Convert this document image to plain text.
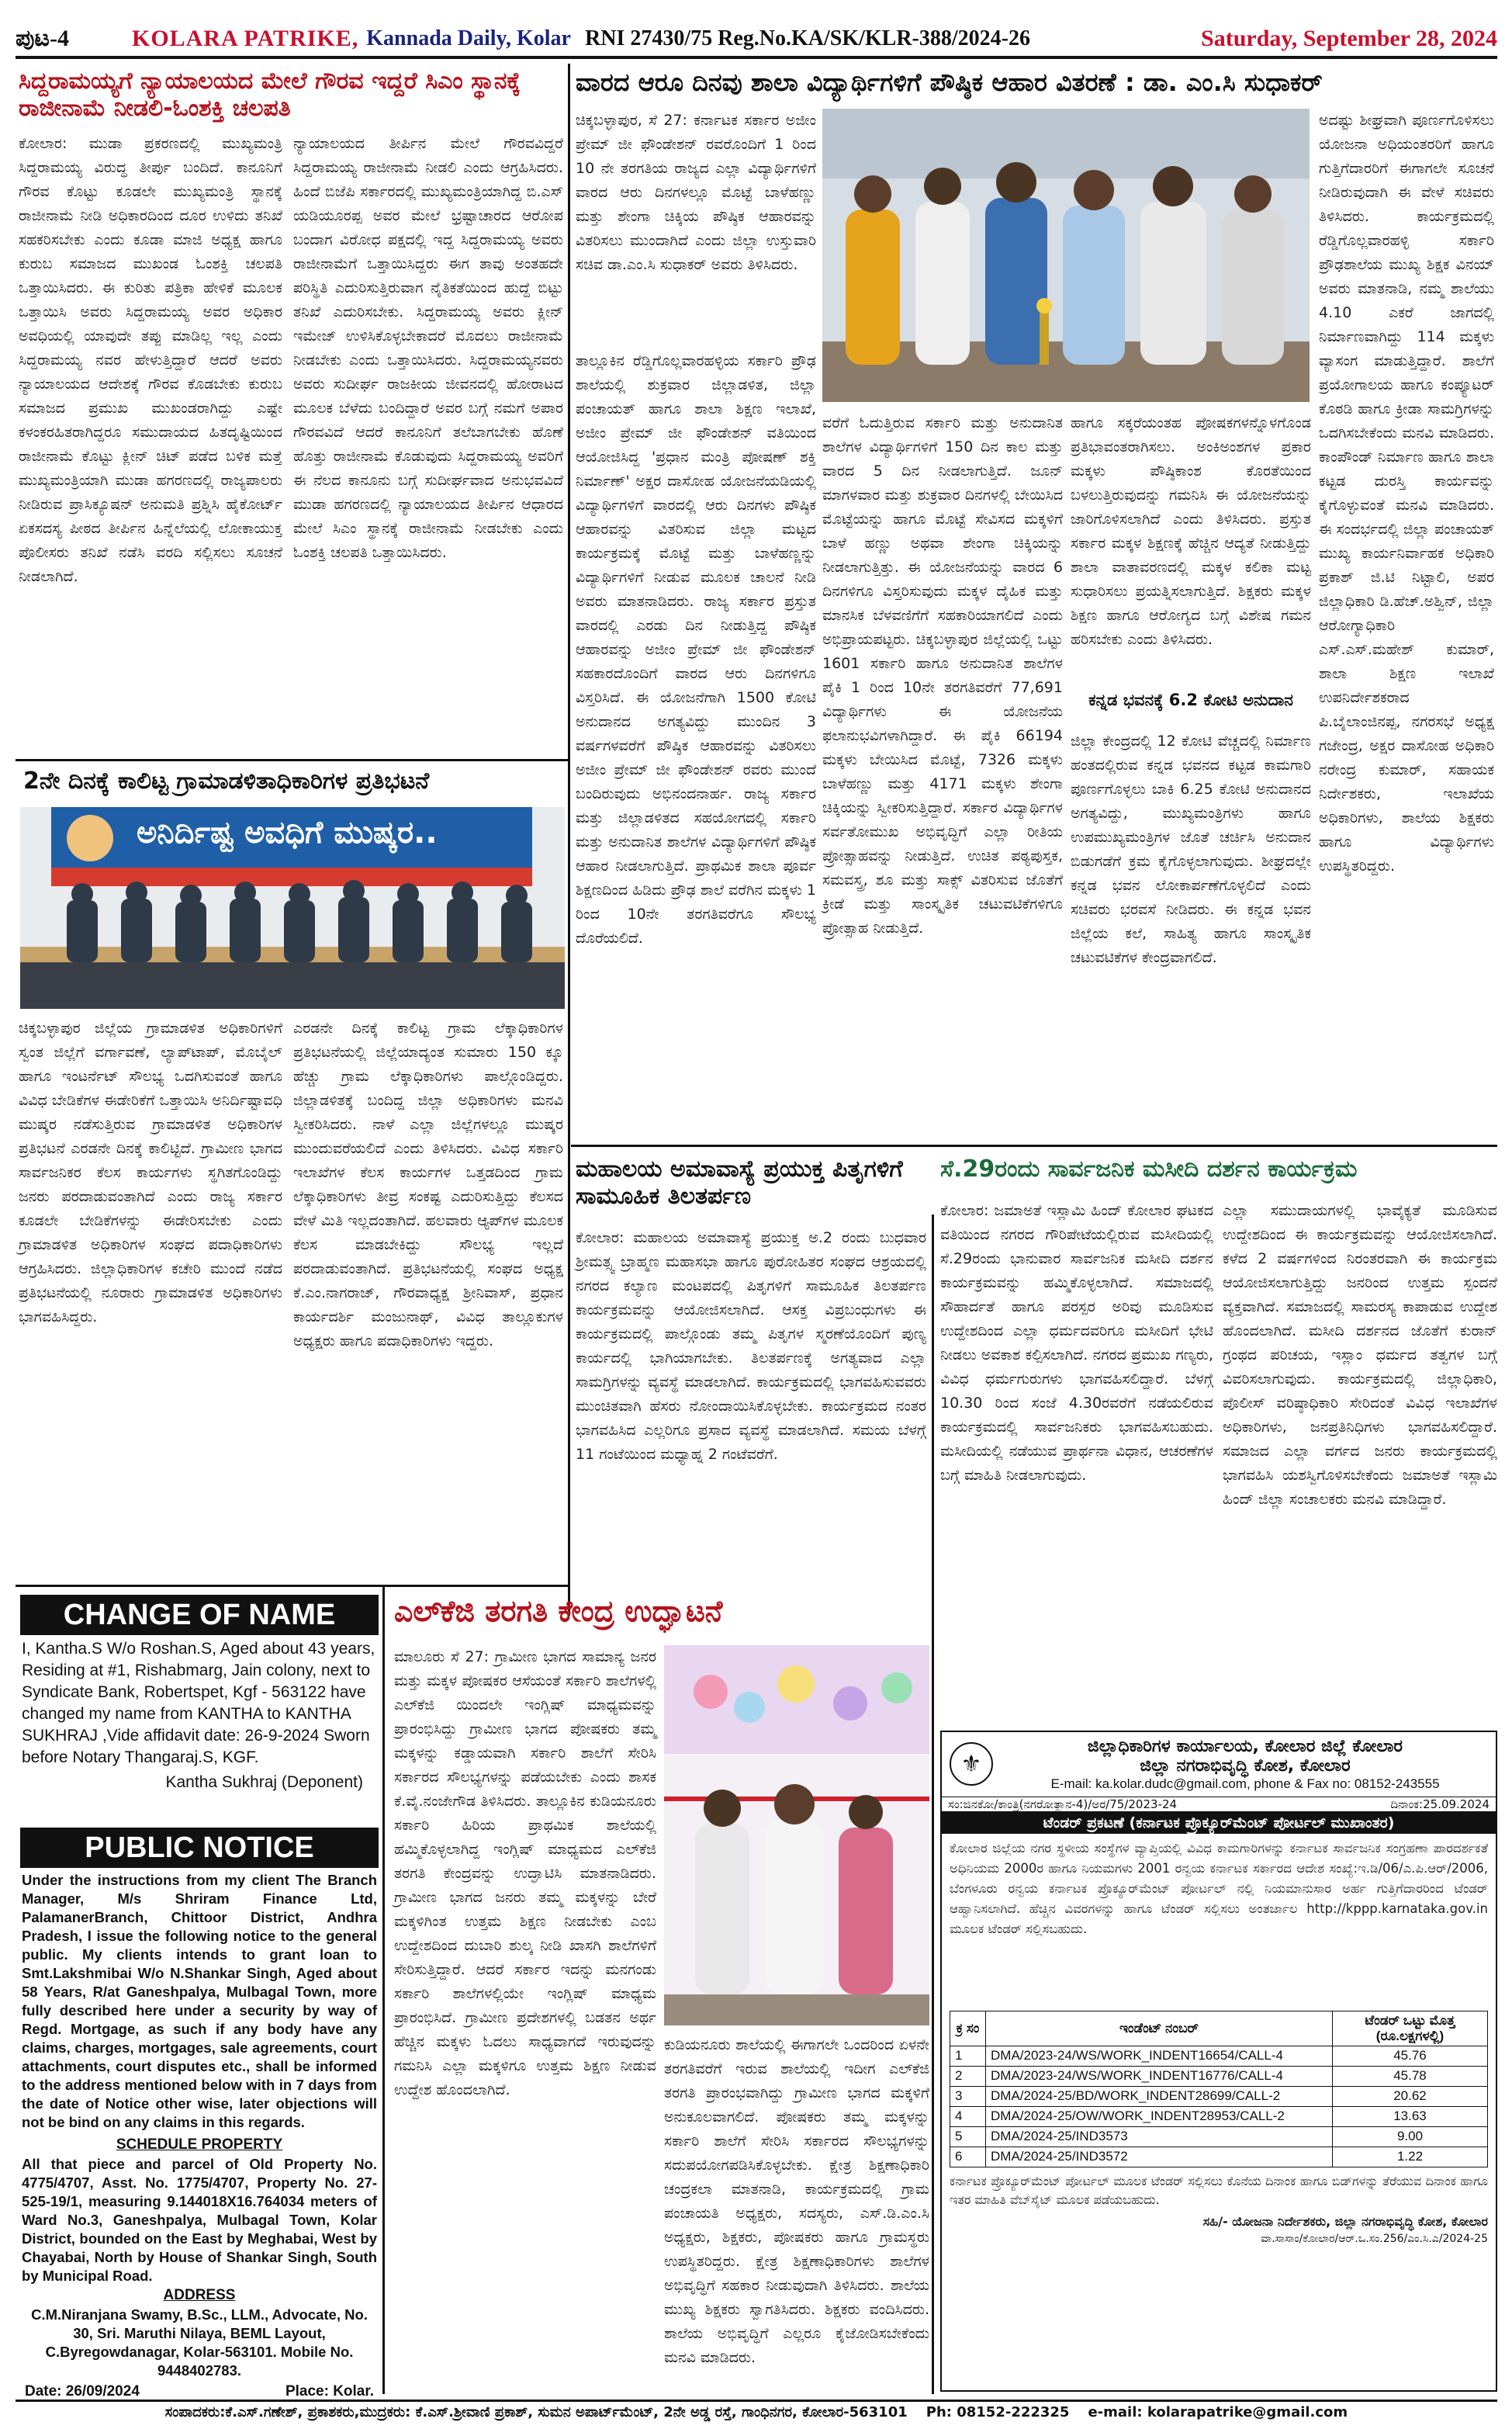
ಪುಟ-4	KOLARA PATRIKE, Kannada Daily, Kolar RNI 27430/75 Reg.No.KA/SK/KLR-388/2024-26	Saturday, September 28, 2024
ಸಿದ್ದರಾಮಯ್ಯಗೆ ನ್ಯಾಯಾಲಯದ ಮೇಲೆ ಗೌರವ ಇದ್ದರೆ ಸಿಎಂ ಸ್ಥಾನಕ್ಕೆ ರಾಜೀನಾಮೆ ನೀಡಲಿ-ಓಂಶಕ್ತಿ ಚಲಪತಿ
ಕೋಲಾರ: ಮುಡಾ ಪ್ರಕರಣದಲ್ಲಿ ಮುಖ್ಯಮಂತ್ರಿ ಸಿದ್ದರಾಮಯ್ಯ ವಿರುದ್ಧ ತೀರ್ಪು ಬಂದಿದೆ. ಕಾನೂನಿಗೆ ಗೌರವ ಕೊಟ್ಟು ಕೂಡಲೇ ಮುಖ್ಯಮಂತ್ರಿ ಸ್ಥಾನಕ್ಕೆ ರಾಜೀನಾಮೆ ನೀಡಿ ಅಧಿಕಾರದಿಂದ ದೂರ ಉಳಿದು ತನಿಖೆ ಸಹಕರಿಸಬೇಕು ಎಂದು ಕೂಡಾ ಮಾಜಿ ಅಧ್ಯಕ್ಷ ಹಾಗೂ ಕುರುಬ ಸಮಾಜದ ಮುಖಂಡ ಓಂಶಕ್ತಿ ಚಲಪತಿ ಒತ್ತಾಯಿಸಿದರು. ಈ ಕುರಿತು ಪತ್ರಿಕಾ ಹೇಳಿಕೆ ಮೂಲಕ ಒತ್ತಾಯಿಸಿ ಅವರು ಸಿದ್ದರಾಮಯ್ಯ ಅವರ ಅಧಿಕಾರ ಅವಧಿಯಲ್ಲಿ ಯಾವುದೇ ತಪ್ಪು ಮಾಡಿಲ್ಲ ಇಲ್ಲ ಎಂದು ಸಿದ್ದರಾಮಯ್ಯ ನವರ ಹೇಳುತ್ತಿದ್ದಾರೆ ಆದರೆ ಅವರು ನ್ಯಾಯಾಲಯದ ಆದೇಶಕ್ಕೆ ಗೌರವ ಕೊಡಬೇಕು ಕುರುಬ ಸಮಾಜದ ಪ್ರಮುಖ ಮುಖಂಡರಾಗಿದ್ದು ಎಷ್ಟೇ ಕಳಂಕರಹಿತರಾಗಿದ್ದರೂ ಸಮುದಾಯದ ಹಿತದೃಷ್ಟಿಯಿಂದ ರಾಜೀನಾಮೆ ಕೊಟ್ಟು ಕ್ಲೀನ್ ಚಿಟ್ ಪಡೆದ ಬಳಿಕ ಮತ್ತೆ ಮುಖ್ಯಮಂತ್ರಿಯಾಗಿ ಮುಡಾ ಹಗರಣದಲ್ಲಿ ರಾಜ್ಯಪಾಲರು ನೀಡಿರುವ ಪ್ರಾಸಿಕ್ಯೂಷನ್ ಅನುಮತಿ ಪ್ರಶ್ನಿಸಿ ಹೈಕೋರ್ಟ್ ಏಕಸದಸ್ಯ ಪೀಠದ ತೀರ್ಪಿನ ಹಿನ್ನೆಲೆಯಲ್ಲಿ ಲೋಕಾಯುಕ್ತ ಪೊಲೀಸರು ತನಿಖೆ ನಡೆಸಿ ವರದಿ ಸಲ್ಲಿಸಲು ಸೂಚನೆ ನೀಡಲಾಗಿದೆ.
ನ್ಯಾಯಾಲಯದ ತೀರ್ಪಿನ ಮೇಲೆ ಗೌರವವಿದ್ದರೆ ಸಿದ್ದರಾಮಯ್ಯ ರಾಜೀನಾಮೆ ನೀಡಲಿ ಎಂದು ಆಗ್ರಹಿಸಿದರು. ಹಿಂದೆ ಬಿಜೆಪಿ ಸರ್ಕಾರದಲ್ಲಿ ಮುಖ್ಯಮಂತ್ರಿಯಾಗಿದ್ದ ಬಿ.ಎಸ್ ಯಡಿಯೂರಪ್ಪ ಅವರ ಮೇಲೆ ಭ್ರಷ್ಟಾಚಾರದ ಆರೋಪ ಬಂದಾಗ ವಿರೋಧ ಪಕ್ಷದಲ್ಲಿ ಇದ್ದ ಸಿದ್ದರಾಮಯ್ಯ ಅವರು ರಾಜೀನಾಮೆಗೆ ಒತ್ತಾಯಿಸಿದ್ದರು ಈಗ ತಾವು ಅಂತಹದೇ ಪರಿಸ್ಥಿತಿ ಎದುರಿಸುತ್ತಿರುವಾಗ ನೈತಿಕತೆಯಿಂದ ಹುದ್ದೆ ಬಿಟ್ಟು ತನಿಖೆ ಎದುರಿಸಬೇಕು. ಸಿದ್ದರಾಮಯ್ಯ ಅವರು ಕ್ಲೀನ್ ಇಮೇಜ್ ಉಳಿಸಿಕೊಳ್ಳಬೇಕಾದರೆ ಮೊದಲು ರಾಜೀನಾಮೆ ನೀಡಬೇಕು ಎಂದು ಒತ್ತಾಯಿಸಿದರು. ಸಿದ್ದರಾಮಯ್ಯನವರು ಅವರು ಸುದೀರ್ಘ ರಾಜಕೀಯ ಜೀವನದಲ್ಲಿ ಹೋರಾಟದ ಮೂಲಕ ಬೆಳೆದು ಬಂದಿದ್ದಾರೆ ಅವರ ಬಗ್ಗೆ ನಮಗೆ ಅಪಾರ ಗೌರವವಿದೆ ಆದರೆ ಕಾನೂನಿಗೆ ತಲೆಬಾಗಬೇಕು ಹೊಣೆ ಹೊತ್ತು ರಾಜೀನಾಮೆ ಕೊಡುವುದು ಸಿದ್ದರಾಮಯ್ಯ ಅವರಿಗೆ ಈ ನೆಲದ ಕಾನೂನು ಬಗ್ಗೆ ಸುದೀರ್ಘವಾದ ಅನುಭವವಿದೆ ಮುಡಾ ಹಗರಣದಲ್ಲಿ ನ್ಯಾಯಾಲಯದ ತೀರ್ಪಿನ ಆಧಾರದ ಮೇಲೆ ಸಿಎಂ ಸ್ಥಾನಕ್ಕೆ ರಾಜೀನಾಮೆ ನೀಡಬೇಕು ಎಂದು ಓಂಶಕ್ತಿ ಚಲಪತಿ ಒತ್ತಾಯಿಸಿದರು.
2ನೇ ದಿನಕ್ಕೆ ಕಾಲಿಟ್ಟ ಗ್ರಾಮಾಡಳಿತಾಧಿಕಾರಿಗಳ ಪ್ರತಿಭಟನೆ
ಅನಿರ್ದಿಷ್ಟ ಅವಧಿಗೆ ಮುಷ್ಕರ..
ಚಿಕ್ಕಬಳ್ಳಾಪುರ ಜಿಲ್ಲೆಯ ಗ್ರಾಮಾಡಳಿತ ಅಧಿಕಾರಿಗಳಿಗೆ ಸ್ವಂತ ಜಿಲ್ಲೆಗೆ ವರ್ಗಾವಣೆ, ಲ್ಯಾಪ್‍ಟಾಪ್, ಮೊಬೈಲ್ ಹಾಗೂ ಇಂಟರ್ನೆಟ್ ಸೌಲಭ್ಯ ಒದಗಿಸುವಂತೆ ಹಾಗೂ ವಿವಿಧ ಬೇಡಿಕೆಗಳ ಈಡೇರಿಕೆಗೆ ಒತ್ತಾಯಿಸಿ ಅನಿರ್ದಿಷ್ಟಾವಧಿ ಮುಷ್ಕರ ನಡೆಸುತ್ತಿರುವ ಗ್ರಾಮಾಡಳಿತ ಅಧಿಕಾರಿಗಳ ಪ್ರತಿಭಟನೆ ಎರಡನೇ ದಿನಕ್ಕೆ ಕಾಲಿಟ್ಟಿದೆ. ಗ್ರಾಮೀಣ ಭಾಗದ ಸಾರ್ವಜನಿಕರ ಕೆಲಸ ಕಾರ್ಯಗಳು ಸ್ಥಗಿತಗೊಂಡಿದ್ದು ಜನರು ಪರದಾಡುವಂತಾಗಿದೆ ಎಂದು ರಾಜ್ಯ ಸರ್ಕಾರ ಕೂಡಲೇ ಬೇಡಿಕೆಗಳನ್ನು ಈಡೇರಿಸಬೇಕು ಎಂದು ಗ್ರಾಮಾಡಳಿತ ಅಧಿಕಾರಿಗಳ ಸಂಘದ ಪದಾಧಿಕಾರಿಗಳು ಆಗ್ರಹಿಸಿದರು. ಜಿಲ್ಲಾಧಿಕಾರಿಗಳ ಕಚೇರಿ ಮುಂದೆ ನಡೆದ ಪ್ರತಿಭಟನೆಯಲ್ಲಿ ನೂರಾರು ಗ್ರಾಮಾಡಳಿತ ಅಧಿಕಾರಿಗಳು ಭಾಗವಹಿಸಿದ್ದರು.
ಎರಡನೇ ದಿನಕ್ಕೆ ಕಾಲಿಟ್ಟ ಗ್ರಾಮ ಲೆಕ್ಕಾಧಿಕಾರಿಗಳ ಪ್ರತಿಭಟನೆಯಲ್ಲಿ ಜಿಲ್ಲೆಯಾದ್ಯಂತ ಸುಮಾರು 150 ಕ್ಕೂ ಹೆಚ್ಚು ಗ್ರಾಮ ಲೆಕ್ಕಾಧಿಕಾರಿಗಳು ಪಾಲ್ಗೊಂಡಿದ್ದರು. ಜಿಲ್ಲಾಡಳಿತಕ್ಕೆ ಬಂದಿದ್ದ ಜಿಲ್ಲಾ ಅಧಿಕಾರಿಗಳು ಮನವಿ ಸ್ವೀಕರಿಸಿದರು. ನಾಳೆ ಎಲ್ಲಾ ಜಿಲ್ಲೆಗಳಲ್ಲೂ ಮುಷ್ಕರ ಮುಂದುವರೆಯಲಿದೆ ಎಂದು ತಿಳಿಸಿದರು. ವಿವಿಧ ಸರ್ಕಾರಿ ಇಲಾಖೆಗಳ ಕೆಲಸ ಕಾರ್ಯಗಳ ಒತ್ತಡದಿಂದ ಗ್ರಾಮ ಲೆಕ್ಕಾಧಿಕಾರಿಗಳು ತೀವ್ರ ಸಂಕಷ್ಟ ಎದುರಿಸುತ್ತಿದ್ದು ಕೆಲಸದ ವೇಳೆ ಮಿತಿ ಇಲ್ಲದಂತಾಗಿದೆ. ಹಲವಾರು ಆ್ಯಪ್‍ಗಳ ಮೂಲಕ ಕೆಲಸ ಮಾಡಬೇಕಿದ್ದು ಸೌಲಭ್ಯ ಇಲ್ಲದೆ ಪರದಾಡುವಂತಾಗಿದೆ. ಪ್ರತಿಭಟನೆಯಲ್ಲಿ ಸಂಘದ ಅಧ್ಯಕ್ಷ ಕೆ.ಎಂ.ನಾಗರಾಜ್, ಗೌರವಾಧ್ಯಕ್ಷ ಶ್ರೀನಿವಾಸ್, ಪ್ರಧಾನ ಕಾರ್ಯದರ್ಶಿ ಮಂಜುನಾಥ್, ವಿವಿಧ ತಾಲ್ಲೂಕುಗಳ ಅಧ್ಯಕ್ಷರು ಹಾಗೂ ಪದಾಧಿಕಾರಿಗಳು ಇದ್ದರು.
ವಾರದ ಆರೂ ದಿನವು ಶಾಲಾ ವಿದ್ಯಾರ್ಥಿಗಳಿಗೆ ಪೌಷ್ಠಿಕ ಆಹಾರ ವಿತರಣೆ : ಡಾ. ಎಂ.ಸಿ ಸುಧಾಕರ್
ಚಿಕ್ಕಬಳ್ಳಾಪುರ, ಸೆ 27: ಕರ್ನಾಟಕ ಸರ್ಕಾರ ಅಜೀಂ ಪ್ರೇಮ್ ಜೀ ಫೌಂಡೇಶನ್ ರವರೊಂದಿಗೆ 1 ರಿಂದ 10 ನೇ ತರಗತಿಯ ರಾಜ್ಯದ ಎಲ್ಲಾ ವಿದ್ಯಾರ್ಥಿಗಳಿಗೆ ವಾರದ ಆರು ದಿನಗಳಲ್ಲೂ ಮೊಟ್ಟೆ ಬಾಳೆಹಣ್ಣು ಮತ್ತು ಶೇಂಗಾ ಚಿಕ್ಕಿಯ ಪೌಷ್ಠಿಕ ಆಹಾರವನ್ನು ವಿತರಿಸಲು ಮುಂದಾಗಿದೆ ಎಂದು ಜಿಲ್ಲಾ ಉಸ್ತುವಾರಿ ಸಚಿವ ಡಾ.ಎಂ.ಸಿ ಸುಧಾಕರ್ ಅವರು ತಿಳಿಸಿದರು.
ಅದಷ್ಟು ಶೀಘ್ರವಾಗಿ ಪೂರ್ಣಗೊಳಿಸಲು ಯೋಜನಾ ಅಧಿಯಂತರರಿಗೆ ಹಾಗೂ ಗುತ್ತಿಗೆದಾರರಿಗೆ ಈಗಾಗಲೇ ಸೂಚನೆ ನೀಡಿರುವುದಾಗಿ ಈ ವೇಳೆ ಸಚಿವರು ತಿಳಿಸಿದರು. ಕಾರ್ಯಕ್ರಮದಲ್ಲಿ ರೆಡ್ಡಿಗೊಲ್ಲವಾರಹಳ್ಳಿ ಸರ್ಕಾರಿ ಪ್ರೌಢಶಾಲೆಯ ಮುಖ್ಯ ಶಿಕ್ಷಕ ವಿನಯ್ ಅವರು ಮಾತನಾಡಿ, ನಮ್ಮ ಶಾಲೆಯು 4.10 ಎಕರೆ ಜಾಗದಲ್ಲಿ ನಿರ್ಮಾಣವಾಗಿದ್ದು 114 ಮಕ್ಕಳು ವ್ಯಾಸಂಗ ಮಾಡುತ್ತಿದ್ದಾರೆ. ಶಾಲೆಗೆ ಪ್ರಯೋಗಾಲಯ ಹಾಗೂ ಕಂಪ್ಯೂಟರ್ ಕೊಠಡಿ ಹಾಗೂ ಕ್ರೀಡಾ ಸಾಮಗ್ರಿಗಳನ್ನು ಒದಗಿಸಬೇಕೆಂದು ಮನವಿ ಮಾಡಿದರು. ಕಾಂಪೌಂಡ್ ನಿರ್ಮಾಣ ಹಾಗೂ ಶಾಲಾ ಕಟ್ಟಡ ದುರಸ್ತಿ ಕಾರ್ಯವನ್ನು ಕೈಗೊಳ್ಳುವಂತೆ ಮನವಿ ಮಾಡಿದರು. ಈ ಸಂದರ್ಭದಲ್ಲಿ ಜಿಲ್ಲಾ ಪಂಚಾಯತ್ ಮುಖ್ಯ ಕಾರ್ಯನಿರ್ವಾಹಕ ಅಧಿಕಾರಿ ಪ್ರಕಾಶ್ ಜಿ.ಟಿ ನಿಟ್ಟಾಲಿ, ಅಪರ ಜಿಲ್ಲಾಧಿಕಾರಿ ಡಿ.ಹೆಚ್.ಅಶ್ವಿನ್, ಜಿಲ್ಲಾ ಆರೋಗ್ಯಾಧಿಕಾರಿ ಎಸ್.ಎಸ್.ಮಹೇಶ್ ಕುಮಾರ್, ಶಾಲಾ ಶಿಕ್ಷಣ ಇಲಾಖೆ ಉಪನಿರ್ದೇಶಕರಾದ ಪಿ.ಬೈಲಾಂಜಿನಪ್ಪ, ನಗರಸಭೆ ಅಧ್ಯಕ್ಷ ಗಜೇಂದ್ರ, ಅಕ್ಷರ ದಾಸೋಹ ಅಧಿಕಾರಿ ನರೇಂದ್ರ ಕುಮಾರ್, ಸಹಾಯಕ ನಿರ್ದೇಶಕರು, ಇಲಾಖೆಯ ಅಧಿಕಾರಿಗಳು, ಶಾಲೆಯ ಶಿಕ್ಷಕರು ಹಾಗೂ ವಿದ್ಯಾರ್ಥಿಗಳು ಉಪಸ್ಥಿತರಿದ್ದರು.
ತಾಲ್ಲೂಕಿನ ರೆಡ್ಡಿಗೊಲ್ಲವಾರಹಳ್ಳಿಯ ಸರ್ಕಾರಿ ಪ್ರೌಢ ಶಾಲೆಯಲ್ಲಿ ಶುಕ್ರವಾರ ಜಿಲ್ಲಾಡಳಿತ, ಜಿಲ್ಲಾ ಪಂಚಾಯತ್ ಹಾಗೂ ಶಾಲಾ ಶಿಕ್ಷಣ ಇಲಾಖೆ, ಅಜೀಂ ಪ್ರೇಮ್ ಜೀ ಫೌಂಡೇಶನ್ ವತಿಯಿಂದ ಆಯೋಜಿಸಿದ್ದ 'ಪ್ರಧಾನ ಮಂತ್ರಿ ಪೋಷಣ್ ಶಕ್ತಿ ನಿರ್ಮಾಣ್' ಅಕ್ಷರ ದಾಸೋಹ ಯೋಜನೆಯಡಿಯಲ್ಲಿ ವಿದ್ಯಾರ್ಥಿಗಳಿಗೆ ವಾರದಲ್ಲಿ ಆರು ದಿನಗಳು ಪೌಷ್ಠಿಕ ಆಹಾರವನ್ನು ವಿತರಿಸುವ ಜಿಲ್ಲಾ ಮಟ್ಟದ ಕಾರ್ಯಕ್ರಮಕ್ಕೆ ಮೊಟ್ಟೆ ಮತ್ತು ಬಾಳೆಹಣ್ಣನ್ನು ವಿದ್ಯಾರ್ಥಿಗಳಿಗೆ ನೀಡುವ ಮೂಲಕ ಚಾಲನೆ ನೀಡಿ ಅವರು ಮಾತನಾಡಿದರು. ರಾಜ್ಯ ಸರ್ಕಾರ ಪ್ರಸ್ತುತ ವಾರದಲ್ಲಿ ಎರಡು ದಿನ ನೀಡುತ್ತಿದ್ದ ಪೌಷ್ಠಿಕ ಆಹಾರವನ್ನು ಅಜೀಂ ಪ್ರೇಮ್ ಜೀ ಫೌಂಡೇಶನ್ ಸಹಕಾರದೊಂದಿಗೆ ವಾರದ ಆರು ದಿನಗಳಿಗೂ ವಿಸ್ತರಿಸಿದೆ. ಈ ಯೋಜನೆಗಾಗಿ 1500 ಕೋಟಿ ಅನುದಾನದ ಅಗತ್ಯವಿದ್ದು ಮುಂದಿನ 3 ವರ್ಷಗಳವರೆಗೆ ಪೌಷ್ಠಿಕ ಆಹಾರವನ್ನು ವಿತರಿಸಲು ಅಜೀಂ ಪ್ರೇಮ್ ಜೀ ಫೌಂಡೇಶನ್ ರವರು ಮುಂದೆ ಬಂದಿರುವುದು ಅಭಿನಂದನಾರ್ಹ. ರಾಜ್ಯ ಸರ್ಕಾರ ಮತ್ತು ಜಿಲ್ಲಾಡಳಿತದ ಸಹಯೋಗದಲ್ಲಿ ಸರ್ಕಾರಿ ಮತ್ತು ಅನುದಾನಿತ ಶಾಲೆಗಳ ವಿದ್ಯಾರ್ಥಿಗಳಿಗೆ ಪೌಷ್ಠಿಕ ಆಹಾರ ನೀಡಲಾಗುತ್ತಿದೆ. ಪ್ರಾಥಮಿಕ ಶಾಲಾ ಪೂರ್ವ ಶಿಕ್ಷಣದಿಂದ ಹಿಡಿದು ಪ್ರೌಢ ಶಾಲೆ ವರೆಗಿನ ಮಕ್ಕಳು 1 ರಿಂದ 10ನೇ ತರಗತಿವರೆಗೂ ಸೌಲಭ್ಯ ದೊರೆಯಲಿದೆ.
ವರೆಗೆ ಓದುತ್ತಿರುವ ಸರ್ಕಾರಿ ಮತ್ತು ಅನುದಾನಿತ ಶಾಲೆಗಳ ವಿದ್ಯಾರ್ಥಿಗಳಿಗೆ 150 ದಿನ ಕಾಲ ಮತ್ತು ವಾರದ 5 ದಿನ ನೀಡಲಾಗುತ್ತಿದೆ. ಜೂನ್ ಮಾಗಳವಾರ ಮತ್ತು ಶುಕ್ರವಾರ ದಿನಗಳಲ್ಲಿ ಬೇಯಿಸಿದ ಮೊಟ್ಟೆಯನ್ನು ಹಾಗೂ ಮೊಟ್ಟೆ ಸೇವಿಸದ ಮಕ್ಕಳಿಗೆ ಬಾಳೆ ಹಣ್ಣು ಅಥವಾ ಶೇಂಗಾ ಚಿಕ್ಕಿಯನ್ನು ನೀಡಲಾಗುತ್ತಿತ್ತು. ಈ ಯೋಜನೆಯನ್ನು ವಾರದ 6 ದಿನಗಳಿಗೂ ವಿಸ್ತರಿಸುವುದು ಮಕ್ಕಳ ದೈಹಿಕ ಮತ್ತು ಮಾನಸಿಕ ಬೆಳವಣಿಗೆಗೆ ಸಹಕಾರಿಯಾಗಲಿದೆ ಎಂದು ಅಭಿಪ್ರಾಯಪಟ್ಟರು. ಚಿಕ್ಕಬಳ್ಳಾಪುರ ಜಿಲ್ಲೆಯಲ್ಲಿ ಒಟ್ಟು 1601 ಸರ್ಕಾರಿ ಹಾಗೂ ಅನುದಾನಿತ ಶಾಲೆಗಳ ಪೈಕಿ 1 ರಿಂದ 10ನೇ ತರಗತಿವರೆಗೆ 77,691 ವಿದ್ಯಾರ್ಥಿಗಳು ಈ ಯೋಜನೆಯ ಫಲಾನುಭವಿಗಳಾಗಿದ್ದಾರೆ. ಈ ಪೈಕಿ 66194 ಮಕ್ಕಳು ಬೇಯಿಸಿದ ಮೊಟ್ಟೆ, 7326 ಮಕ್ಕಳು ಬಾಳೆಹಣ್ಣು ಮತ್ತು 4171 ಮಕ್ಕಳು ಶೇಂಗಾ ಚಿಕ್ಕಿಯನ್ನು ಸ್ವೀಕರಿಸುತ್ತಿದ್ದಾರೆ. ಸರ್ಕಾರ ವಿದ್ಯಾರ್ಥಿಗಳ ಸರ್ವತೋಮುಖ ಅಭಿವೃದ್ಧಿಗೆ ಎಲ್ಲಾ ರೀತಿಯ ಪ್ರೋತ್ಸಾಹವನ್ನು ನೀಡುತ್ತಿದೆ. ಉಚಿತ ಪಠ್ಯಪುಸ್ತಕ, ಸಮವಸ್ತ್ರ, ಶೂ ಮತ್ತು ಸಾಕ್ಸ್ ವಿತರಿಸುವ ಜೊತೆಗೆ ಕ್ರೀಡೆ ಮತ್ತು ಸಾಂಸ್ಕೃತಿಕ ಚಟುವಟಿಕೆಗಳಿಗೂ ಪ್ರೋತ್ಸಾಹ ನೀಡುತ್ತಿದೆ.
ಹಾಗೂ ಸಕ್ಕರೆಯಂತಹ ಪೋಷಕಗಳನ್ನೊಳಗೊಂಡ ಪ್ರತಿಭಾವಂತರಾಗಿಸಲು. ಅಂಕಿಅಂಶಗಳ ಪ್ರಕಾರ ಮಕ್ಕಳು ಪೌಷ್ಠಿಕಾಂಶ ಕೊರತೆಯಿಂದ ಬಳಲುತ್ತಿರುವುದನ್ನು ಗಮನಿಸಿ ಈ ಯೋಜನೆಯನ್ನು ಜಾರಿಗೊಳಿಸಲಾಗಿದೆ ಎಂದು ತಿಳಿಸಿದರು. ಪ್ರಸ್ತುತ ಸರ್ಕಾರ ಮಕ್ಕಳ ಶಿಕ್ಷಣಕ್ಕೆ ಹೆಚ್ಚಿನ ಆದ್ಯತೆ ನೀಡುತ್ತಿದ್ದು ಶಾಲಾ ವಾತಾವರಣದಲ್ಲಿ ಮಕ್ಕಳ ಕಲಿಕಾ ಮಟ್ಟ ಸುಧಾರಿಸಲು ಪ್ರಯತ್ನಿಸಲಾಗುತ್ತಿದೆ. ಶಿಕ್ಷಕರು ಮಕ್ಕಳ ಶಿಕ್ಷಣ ಹಾಗೂ ಆರೋಗ್ಯದ ಬಗ್ಗೆ ವಿಶೇಷ ಗಮನ ಹರಿಸಬೇಕು ಎಂದು ತಿಳಿಸಿದರು.
ಕನ್ನಡ ಭವನಕ್ಕೆ 6.2 ಕೋಟಿ ಅನುದಾನ
ಜಿಲ್ಲಾ ಕೇಂದ್ರದಲ್ಲಿ 12 ಕೋಟಿ ವೆಚ್ಚದಲ್ಲಿ ನಿರ್ಮಾಣ ಹಂತದಲ್ಲಿರುವ ಕನ್ನಡ ಭವನದ ಕಟ್ಟಡ ಕಾಮಗಾರಿ ಪೂರ್ಣಗೊಳ್ಳಲು ಬಾಕಿ 6.25 ಕೋಟಿ ಅನುದಾನದ ಅಗತ್ಯವಿದ್ದು, ಮುಖ್ಯಮಂತ್ರಿಗಳು ಹಾಗೂ ಉಪಮುಖ್ಯಮಂತ್ರಿಗಳ ಜೊತೆ ಚರ್ಚಿಸಿ ಅನುದಾನ ಬಿಡುಗಡೆಗೆ ಕ್ರಮ ಕೈಗೊಳ್ಳಲಾಗುವುದು. ಶೀಘ್ರದಲ್ಲೇ ಕನ್ನಡ ಭವನ ಲೋಕಾರ್ಪಣೆಗೊಳ್ಳಲಿದೆ ಎಂದು ಸಚಿವರು ಭರವಸೆ ನೀಡಿದರು. ಈ ಕನ್ನಡ ಭವನ ಜಿಲ್ಲೆಯ ಕಲೆ, ಸಾಹಿತ್ಯ ಹಾಗೂ ಸಾಂಸ್ಕೃತಿಕ ಚಟುವಟಿಕೆಗಳ ಕೇಂದ್ರವಾಗಲಿದೆ.
ಮಹಾಲಯ ಅಮಾವಾಸ್ಯೆ ಪ್ರಯುಕ್ತ ಪಿತೃಗಳಿಗೆ ಸಾಮೂಹಿಕ ತಿಲತರ್ಪಣ
ಕೋಲಾರ: ಮಹಾಲಯ ಅಮಾವಾಸ್ಯೆ ಪ್ರಯುಕ್ತ ಅ.2 ರಂದು ಬುಧವಾರ ಶ್ರೀಮತ್ಸ್ವ ಬ್ರಾಹ್ಮಣ ಮಹಾಸಭಾ ಹಾಗೂ ಪುರೋಹಿತರ ಸಂಘದ ಆಶ್ರಯದಲ್ಲಿ ನಗರದ ಕಲ್ಯಾಣ ಮಂಟಪದಲ್ಲಿ ಪಿತೃಗಳಿಗೆ ಸಾಮೂಹಿಕ ತಿಲತರ್ಪಣ ಕಾರ್ಯಕ್ರಮವನ್ನು ಆಯೋಜಿಸಲಾಗಿದೆ. ಆಸಕ್ತ ವಿಪ್ರಬಂಧುಗಳು ಈ ಕಾರ್ಯಕ್ರಮದಲ್ಲಿ ಪಾಲ್ಗೊಂಡು ತಮ್ಮ ಪಿತೃಗಳ ಸ್ಮರಣೆಯೊಂದಿಗೆ ಪುಣ್ಯ ಕಾರ್ಯದಲ್ಲಿ ಭಾಗಿಯಾಗಬೇಕು. ತಿಲತರ್ಪಣಕ್ಕೆ ಅಗತ್ಯವಾದ ಎಲ್ಲಾ ಸಾಮಗ್ರಿಗಳನ್ನು ವ್ಯವಸ್ಥೆ ಮಾಡಲಾಗಿದೆ. ಕಾರ್ಯಕ್ರಮದಲ್ಲಿ ಭಾಗವಹಿಸುವವರು ಮುಂಚಿತವಾಗಿ ಹೆಸರು ನೋಂದಾಯಿಸಿಕೊಳ್ಳಬೇಕು. ಕಾರ್ಯಕ್ರಮದ ನಂತರ ಭಾಗವಹಿಸಿದ ಎಲ್ಲರಿಗೂ ಪ್ರಸಾದ ವ್ಯವಸ್ಥೆ ಮಾಡಲಾಗಿದೆ. ಸಮಯ ಬೆಳಗ್ಗೆ 11 ಗಂಟೆಯಿಂದ ಮಧ್ಯಾಹ್ನ 2 ಗಂಟೆವರೆಗೆ.
ಸೆ.29ರಂದು ಸಾರ್ವಜನಿಕ ಮಸೀದಿ ದರ್ಶನ ಕಾರ್ಯಕ್ರಮ
ಕೋಲಾರ: ಜಮಾಅತೆ ಇಸ್ಲಾಮಿ ಹಿಂದ್ ಕೋಲಾರ ಘಟಕದ ವತಿಯಿಂದ ನಗರದ ಗೌರಿಪೇಟೆಯಲ್ಲಿರುವ ಮಸೀದಿಯಲ್ಲಿ ಸೆ.29ರಂದು ಭಾನುವಾರ ಸಾರ್ವಜನಿಕ ಮಸೀದಿ ದರ್ಶನ ಕಾರ್ಯಕ್ರಮವನ್ನು ಹಮ್ಮಿಕೊಳ್ಳಲಾಗಿದೆ. ಸಮಾಜದಲ್ಲಿ ಸೌಹಾರ್ದತೆ ಹಾಗೂ ಪರಸ್ಪರ ಅರಿವು ಮೂಡಿಸುವ ಉದ್ದೇಶದಿಂದ ಎಲ್ಲಾ ಧರ್ಮದವರಿಗೂ ಮಸೀದಿಗೆ ಭೇಟಿ ನೀಡಲು ಅವಕಾಶ ಕಲ್ಪಿಸಲಾಗಿದೆ. ನಗರದ ಪ್ರಮುಖ ಗಣ್ಯರು, ವಿವಿಧ ಧರ್ಮಗುರುಗಳು ಭಾಗವಹಿಸಲಿದ್ದಾರೆ. ಬೆಳಗ್ಗೆ 10.30 ರಿಂದ ಸಂಜೆ 4.30ರವರೆಗೆ ನಡೆಯಲಿರುವ ಕಾರ್ಯಕ್ರಮದಲ್ಲಿ ಸಾರ್ವಜನಿಕರು ಭಾಗವಹಿಸಬಹುದು. ಮಸೀದಿಯಲ್ಲಿ ನಡೆಯುವ ಪ್ರಾರ್ಥನಾ ವಿಧಾನ, ಆಚರಣೆಗಳ ಬಗ್ಗೆ ಮಾಹಿತಿ ನೀಡಲಾಗುವುದು.
ಎಲ್ಲಾ ಸಮುದಾಯಗಳಲ್ಲಿ ಭಾವೈಕ್ಯತೆ ಮೂಡಿಸುವ ಉದ್ದೇಶದಿಂದ ಈ ಕಾರ್ಯಕ್ರಮವನ್ನು ಆಯೋಜಿಸಲಾಗಿದೆ. ಕಳೆದ 2 ವರ್ಷಗಳಿಂದ ನಿರಂತರವಾಗಿ ಈ ಕಾರ್ಯಕ್ರಮ ಆಯೋಜಿಸಲಾಗುತ್ತಿದ್ದು ಜನರಿಂದ ಉತ್ತಮ ಸ್ಪಂದನೆ ವ್ಯಕ್ತವಾಗಿದೆ. ಸಮಾಜದಲ್ಲಿ ಸಾಮರಸ್ಯ ಕಾಪಾಡುವ ಉದ್ದೇಶ ಹೊಂದಲಾಗಿದೆ. ಮಸೀದಿ ದರ್ಶನದ ಜೊತೆಗೆ ಕುರಾನ್ ಗ್ರಂಥದ ಪರಿಚಯ, ಇಸ್ಲಾಂ ಧರ್ಮದ ತತ್ವಗಳ ಬಗ್ಗೆ ವಿವರಿಸಲಾಗುವುದು. ಕಾರ್ಯಕ್ರಮದಲ್ಲಿ ಜಿಲ್ಲಾಧಿಕಾರಿ, ಪೊಲೀಸ್ ವರಿಷ್ಠಾಧಿಕಾರಿ ಸೇರಿದಂತೆ ವಿವಿಧ ಇಲಾಖೆಗಳ ಅಧಿಕಾರಿಗಳು, ಜನಪ್ರತಿನಿಧಿಗಳು ಭಾಗವಹಿಸಲಿದ್ದಾರೆ. ಸಮಾಜದ ಎಲ್ಲಾ ವರ್ಗದ ಜನರು ಕಾರ್ಯಕ್ರಮದಲ್ಲಿ ಭಾಗವಹಿಸಿ ಯಶಸ್ವಿಗೊಳಿಸಬೇಕೆಂದು ಜಮಾಅತೆ ಇಸ್ಲಾಮಿ ಹಿಂದ್ ಜಿಲ್ಲಾ ಸಂಚಾಲಕರು ಮನವಿ ಮಾಡಿದ್ದಾರೆ.
CHANGE OF NAME
I, Kantha.S W/o Roshan.S, Aged about 43 years, Residing at #1, Rishabmarg, Jain colony, next to Syndicate Bank, Robertspet, Kgf - 563122 have changed my name from KANTHA to KANTHA SUKHRAJ ,Vide affidavit date: 26-9-2024 Sworn before Notary Thangaraj.S, KGF.
Kantha Sukhraj (Deponent)
PUBLIC NOTICE
Under the instructions from my client The Branch Manager, M/s Shriram Finance Ltd, PalamanerBranch, Chittoor District, Andhra Pradesh, I issue the following notice to the general public. My clients intends to grant loan to Smt.Lakshmibai W/o N.Shankar Singh, Aged about 58 Years, R/at Ganeshpalya, Mulbagal Town, more fully described here under a security by way of Regd. Mortgage, as such if any body have any claims, charges, mortgages, sale agreements, court attachments, court disputes etc., shall be informed to the address mentioned below with in 7 days from the date of Notice other wise, later objections will not be bind on any claims in this regards.
SCHEDULE PROPERTY
All that piece and parcel of Old Property No. 4775/4707, Asst. No. 1775/4707, Property No. 27-525-19/1, measuring 9.144018X16.764034 meters of Ward No.3, Ganeshpalya, Mulbagal Town, Kolar District, bounded on the East by Meghabai, West by Chayabai, North by House of Shankar Singh, South by Municipal Road.
ADDRESS
C.M.Niranjana Swamy, B.Sc., LLM., Advocate, No. 30, Sri. Maruthi Nilaya, BEML Layout, C.Byregowdanagar, Kolar-563101. Mobile No. 9448402783.
Date: 26/09/2024	Place: Kolar.
ಎಲ್‍ಕೆಜಿ ತರಗತಿ ಕೇಂದ್ರ ಉದ್ಘಾಟನೆ
ಮಾಲೂರು ಸೆ 27: ಗ್ರಾಮೀಣ ಭಾಗದ ಸಾಮಾನ್ಯ ಜನರ ಮತ್ತು ಮಕ್ಕಳ ಪೋಷಕರ ಆಸೆಯಂತೆ ಸರ್ಕಾರಿ ಶಾಲೆಗಳಲ್ಲಿ ಎಲ್‍ಕೆಜಿ ಯಿಂದಲೇ ಇಂಗ್ಲಿಷ್ ಮಾಧ್ಯಮವನ್ನು ಪ್ರಾರಂಭಿಸಿದ್ದು ಗ್ರಾಮೀಣ ಭಾಗದ ಪೋಷಕರು ತಮ್ಮ ಮಕ್ಕಳನ್ನು ಕಡ್ಡಾಯವಾಗಿ ಸರ್ಕಾರಿ ಶಾಲೆಗೆ ಸೇರಿಸಿ ಸರ್ಕಾರದ ಸೌಲಭ್ಯಗಳನ್ನು ಪಡೆಯಬೇಕು ಎಂದು ಶಾಸಕ ಕೆ.ವೈ.ನಂಜೇಗೌಡ ತಿಳಿಸಿದರು. ತಾಲ್ಲೂಕಿನ ಕುಡಿಯನೂರು ಸರ್ಕಾರಿ ಹಿರಿಯ ಪ್ರಾಥಮಿಕ ಶಾಲೆಯಲ್ಲಿ ಹಮ್ಮಿಕೊಳ್ಳಲಾಗಿದ್ದ ಇಂಗ್ಲಿಷ್ ಮಾಧ್ಯಮದ ಎಲ್‍ಕೆಜಿ ತರಗತಿ ಕೇಂದ್ರವನ್ನು ಉದ್ಘಾಟಿಸಿ ಮಾತನಾಡಿದರು. ಗ್ರಾಮೀಣ ಭಾಗದ ಜನರು ತಮ್ಮ ಮಕ್ಕಳನ್ನು ಬೇರೆ ಮಕ್ಕಳಿಗಿಂತ ಉತ್ತಮ ಶಿಕ್ಷಣ ನೀಡಬೇಕು ಎಂಬ ಉದ್ದೇಶದಿಂದ ದುಬಾರಿ ಶುಲ್ಕ ನೀಡಿ ಖಾಸಗಿ ಶಾಲೆಗಳಿಗೆ ಸೇರಿಸುತ್ತಿದ್ದಾರೆ. ಆದರೆ ಸರ್ಕಾರ ಇದನ್ನು ಮನಗಂಡು ಸರ್ಕಾರಿ ಶಾಲೆಗಳಲ್ಲಿಯೇ ಇಂಗ್ಲಿಷ್ ಮಾಧ್ಯಮ ಪ್ರಾರಂಭಿಸಿದೆ. ಗ್ರಾಮೀಣ ಪ್ರದೇಶಗಳಲ್ಲಿ ಬಡತನ ಅರ್ಥ ಹೆಚ್ಚಿನ ಮಕ್ಕಳು ಓದಲು ಸಾಧ್ಯವಾಗದೆ ಇರುವುದನ್ನು ಗಮನಿಸಿ ಎಲ್ಲಾ ಮಕ್ಕಳಿಗೂ ಉತ್ತಮ ಶಿಕ್ಷಣ ನೀಡುವ ಉದ್ದೇಶ ಹೊಂದಲಾಗಿದೆ.
ಕುಡಿಯನೂರು ಶಾಲೆಯಲ್ಲಿ ಈಗಾಗಲೇ ಒಂದರಿಂದ ಏಳನೇ ತರಗತಿವರೆಗೆ ಇರುವ ಶಾಲೆಯಲ್ಲಿ ಇದೀಗ ಎಲ್‍ಕೆಜಿ ತರಗತಿ ಪ್ರಾರಂಭವಾಗಿದ್ದು ಗ್ರಾಮೀಣ ಭಾಗದ ಮಕ್ಕಳಿಗೆ ಅನುಕೂಲವಾಗಲಿದೆ. ಪೋಷಕರು ತಮ್ಮ ಮಕ್ಕಳನ್ನು ಸರ್ಕಾರಿ ಶಾಲೆಗೆ ಸೇರಿಸಿ ಸರ್ಕಾರದ ಸೌಲಭ್ಯಗಳನ್ನು ಸದುಪಯೋಗಪಡಿಸಿಕೊಳ್ಳಬೇಕು. ಕ್ಷೇತ್ರ ಶಿಕ್ಷಣಾಧಿಕಾರಿ ಚಂದ್ರಕಲಾ ಮಾತನಾಡಿ, ಕಾರ್ಯಕ್ರಮದಲ್ಲಿ ಗ್ರಾಮ ಪಂಚಾಯತಿ ಅಧ್ಯಕ್ಷರು, ಸದಸ್ಯರು, ಎಸ್.ಡಿ.ಎಂ.ಸಿ ಅಧ್ಯಕ್ಷರು, ಶಿಕ್ಷಕರು, ಪೋಷಕರು ಹಾಗೂ ಗ್ರಾಮಸ್ಥರು ಉಪಸ್ಥಿತರಿದ್ದರು. ಕ್ಷೇತ್ರ ಶಿಕ್ಷಣಾಧಿಕಾರಿಗಳು ಶಾಲೆಗಳ ಅಭಿವೃದ್ಧಿಗೆ ಸಹಕಾರ ನೀಡುವುದಾಗಿ ತಿಳಿಸಿದರು. ಶಾಲೆಯ ಮುಖ್ಯ ಶಿಕ್ಷಕರು ಸ್ವಾಗತಿಸಿದರು. ಶಿಕ್ಷಕರು ವಂದಿಸಿದರು. ಶಾಲೆಯ ಅಭಿವೃದ್ಧಿಗೆ ಎಲ್ಲರೂ ಕೈಜೋಡಿಸಬೇಕೆಂದು ಮನವಿ ಮಾಡಿದರು.
⚜
ಜಿಲ್ಲಾಧಿಕಾರಿಗಳ ಕಾರ್ಯಾಲಯ, ಕೋಲಾರ ಜಿಲ್ಲೆ ಕೋಲಾರ
ಜಿಲ್ಲಾ ನಗರಾಭಿವೃದ್ಧಿ ಕೋಶ, ಕೋಲಾರ
E-mail: ka.kolar.dudc@gmail.com, phone & Fax no: 08152-243555
ಸಂ:ಜಿನಕೋ/ಕಾಂತ್ರಿ(ನಗರೋತ್ಥಾನ-4)/ಅರ/75/2023-24	ದಿನಾಂಕ:25.09.2024
ಟೆಂಡರ್ ಪ್ರಕಟಣೆ (ಕರ್ನಾಟಕ ಪ್ರೊಕ್ಯೂರ್‌ಮೆಂಟ್ ಪೋರ್ಟಲ್ ಮುಖಾಂತರ)
ಕೋಲಾರ ಜಿಲ್ಲೆಯ ನಗರ ಸ್ಥಳೀಯ ಸಂಸ್ಥೆಗಳ ವ್ಯಾಪ್ತಿಯಲ್ಲಿ ವಿವಿಧ ಕಾಮಗಾರಿಗಳನ್ನು ಕರ್ನಾಟಕ ಸಾರ್ವಜನಿಕ ಸಂಗ್ರಹಣಾ ಪಾರದರ್ಶಕತೆ ಅಧಿನಿಯಮ 2000ರ ಹಾಗೂ ನಿಯಮಗಳು 2001 ರನ್ವಯ ಕರ್ನಾಟಕ ಸರ್ಕಾರದ ಆದೇಶ ಸಂಖ್ಯೆ:ಇ.ಡಿ/06/ಎ.ಪಿ.ಆರ್/2006, ಬೆಂಗಳೂರು ರನ್ವಯ ಕರ್ನಾಟಕ ಪ್ರೊಕ್ಯೂರ್‌ಮೆಂಟ್ ಪೋರ್ಟಲ್ ನಲ್ಲಿ ನಿಯಮಾನುಸಾರ ಅರ್ಹ ಗುತ್ತಿಗೆದಾರರಿಂದ ಟೆಂಡರ್ ಆಹ್ವಾನಿಸಲಾಗಿದೆ. ಹೆಚ್ಚಿನ ವಿವರಗಳನ್ನು ಹಾಗೂ ಟೆಂಡರ್ ಸಲ್ಲಿಸಲು ಅಂತರ್ಜಾಲ http://kppp.karnataka.gov.in ಮೂಲಕ ಟೆಂಡರ್ ಸಲ್ಲಿಸಬಹುದು.
ಕ್ರ ಸಂ	ಇಂಡೆಂಟ್ ನಂಬರ್	ಟೆಂಡರ್ ಒಟ್ಟು ಮೊತ್ತ (ರೂ.ಲಕ್ಷಗಳಲ್ಲಿ)
1	DMA/2023-24/WS/WORK_INDENT16654/CALL-4	45.76
2	DMA/2023-24/WS/WORK_INDENT16776/CALL-4	45.78
3	DMA/2024-25/BD/WORK_INDENT28699/CALL-2	20.62
4	DMA/2024-25/OW/WORK_INDENT28953/CALL-2	13.63
5	DMA/2024-25/IND3573	9.00
6	DMA/2024-25/IND3572	1.22
ಕರ್ನಾಟಕ ಪ್ರೊಕ್ಯೂರ್‌ಮೆಂಟ್ ಪೋರ್ಟಲ್ ಮೂಲಕ ಟೆಂಡರ್ ಸಲ್ಲಿಸಲು ಕೊನೆಯ ದಿನಾಂಕ ಹಾಗೂ ಬಿಡ್‌ಗಳನ್ನು ತೆರೆಯುವ ದಿನಾಂಕ ಹಾಗೂ ಇತರ ಮಾಹಿತಿ ವೆಬ್‌ಸೈಟ್ ಮೂಲಕ ಪಡೆಯಬಹುದು.
ಸಹಿ/- ಯೋಜನಾ ನಿರ್ದೇಶಕರು, ಜಿಲ್ಲಾ ನಗರಾಭಿವೃದ್ಧಿ ಕೋಶ, ಕೋಲಾರ
ವಾ.ಸಾಸಾಂ/ಕೋಲಾರ/ಆರ್.ಒ.ಸಂ.256/ಎಂ.ಸಿ.ಎ/2024-25
ಸಂಪಾದಕರು:ಕೆ.ಎಸ್.ಗಣೇಶ್, ಪ್ರಕಾಶಕರು,ಮುದ್ರಕರು: ಕೆ.ಎಸ್.ಶ್ರೀವಾಣಿ ಪ್ರಕಾಶ್, ಸುಮನ ಅಪಾರ್ಟ್‌ಮೆಂಟ್, 2ನೇ ಅಡ್ಡ ರಸ್ತೆ, ಗಾಂಧಿನಗರ, ಕೋಲಾರ-563101 Ph: 08152-222325 e-mail: kolarapatrike@gmail.com
